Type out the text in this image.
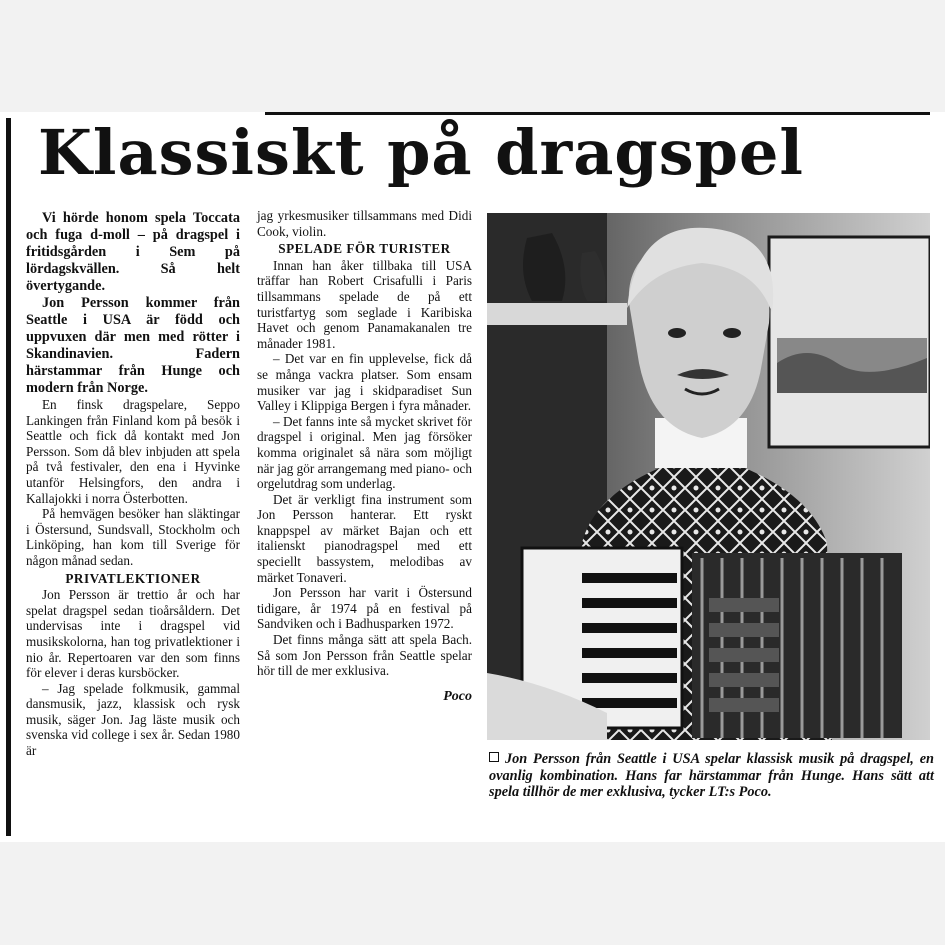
Klassiskt på dragspel

Vi hörde honom spela Toccata och fuga d-moll – på dragspel i fritidsgården i Sem på lördagskvällen. Så helt övertygande.

Jon Persson kommer från Seattle i USA är född och uppvuxen där men med rötter i Skandinavien. Fadern härstammar från Hunge och modern från Norge.

En finsk dragspelare, Seppo Lankingen från Finland kom på besök i Seattle och fick då kontakt med Jon Persson. Som då blev inbjuden att spela på två festivaler, den ena i Hyvinke utanför Helsingfors, den andra i Kallajokki i norra Österbotten.

På hemvägen besöker han släktingar i Östersund, Sundsvall, Stockholm och Linköping, han kom till Sverige för någon månad sedan.

PRIVATLEKTIONER

Jon Persson är trettio år och har spelat dragspel sedan tioårsåldern. Det undervisas inte i dragspel vid musikskolorna, han tog privatlektioner i nio år. Repertoaren var den som finns för elever i deras kursböcker.

– Jag spelade folkmusik, gammal dansmusik, jazz, klassisk och rysk musik, säger Jon. Jag läste musik och svenska vid college i sex år. Sedan 1980 är

jag yrkesmusiker tillsammans med Didi Cook, violin.

SPELADE FÖR TURISTER

Innan han åker tillbaka till USA träffar han Robert Crisafulli i Paris tillsammans spelade de på ett turistfartyg som seglade i Karibiska Havet och genom Panamakanalen tre månader 1981.

– Det var en fin upplevelse, fick då se många vackra platser. Som ensam musiker var jag i skidparadiset Sun Valley i Klippiga Bergen i fyra månader.

– Det fanns inte så mycket skrivet för dragspel i original. Men jag försöker komma originalet så nära som möjligt när jag gör arrangemang med piano- och orgelutdrag som underlag.

Det är verkligt fina instrument som Jon Persson hanterar. Ett ryskt knappspel av märket Bajan och ett italienskt pianodragspel med ett speciellt bassystem, melodibas av märket Tonaveri.

Jon Persson har varit i Östersund tidigare, år 1974 på en festival på Sandviken och i Badhusparken 1972.

Det finns många sätt att spela Bach. Så som Jon Persson från Seattle spelar hör till de mer exklusiva.

Poco
Jon Persson från Seattle i USA spelar klassisk musik på dragspel, en ovanlig kombination. Hans far härstammar från Hunge. Hans sätt att spela tillhör de mer exklusiva, tycker LT:s Poco.
